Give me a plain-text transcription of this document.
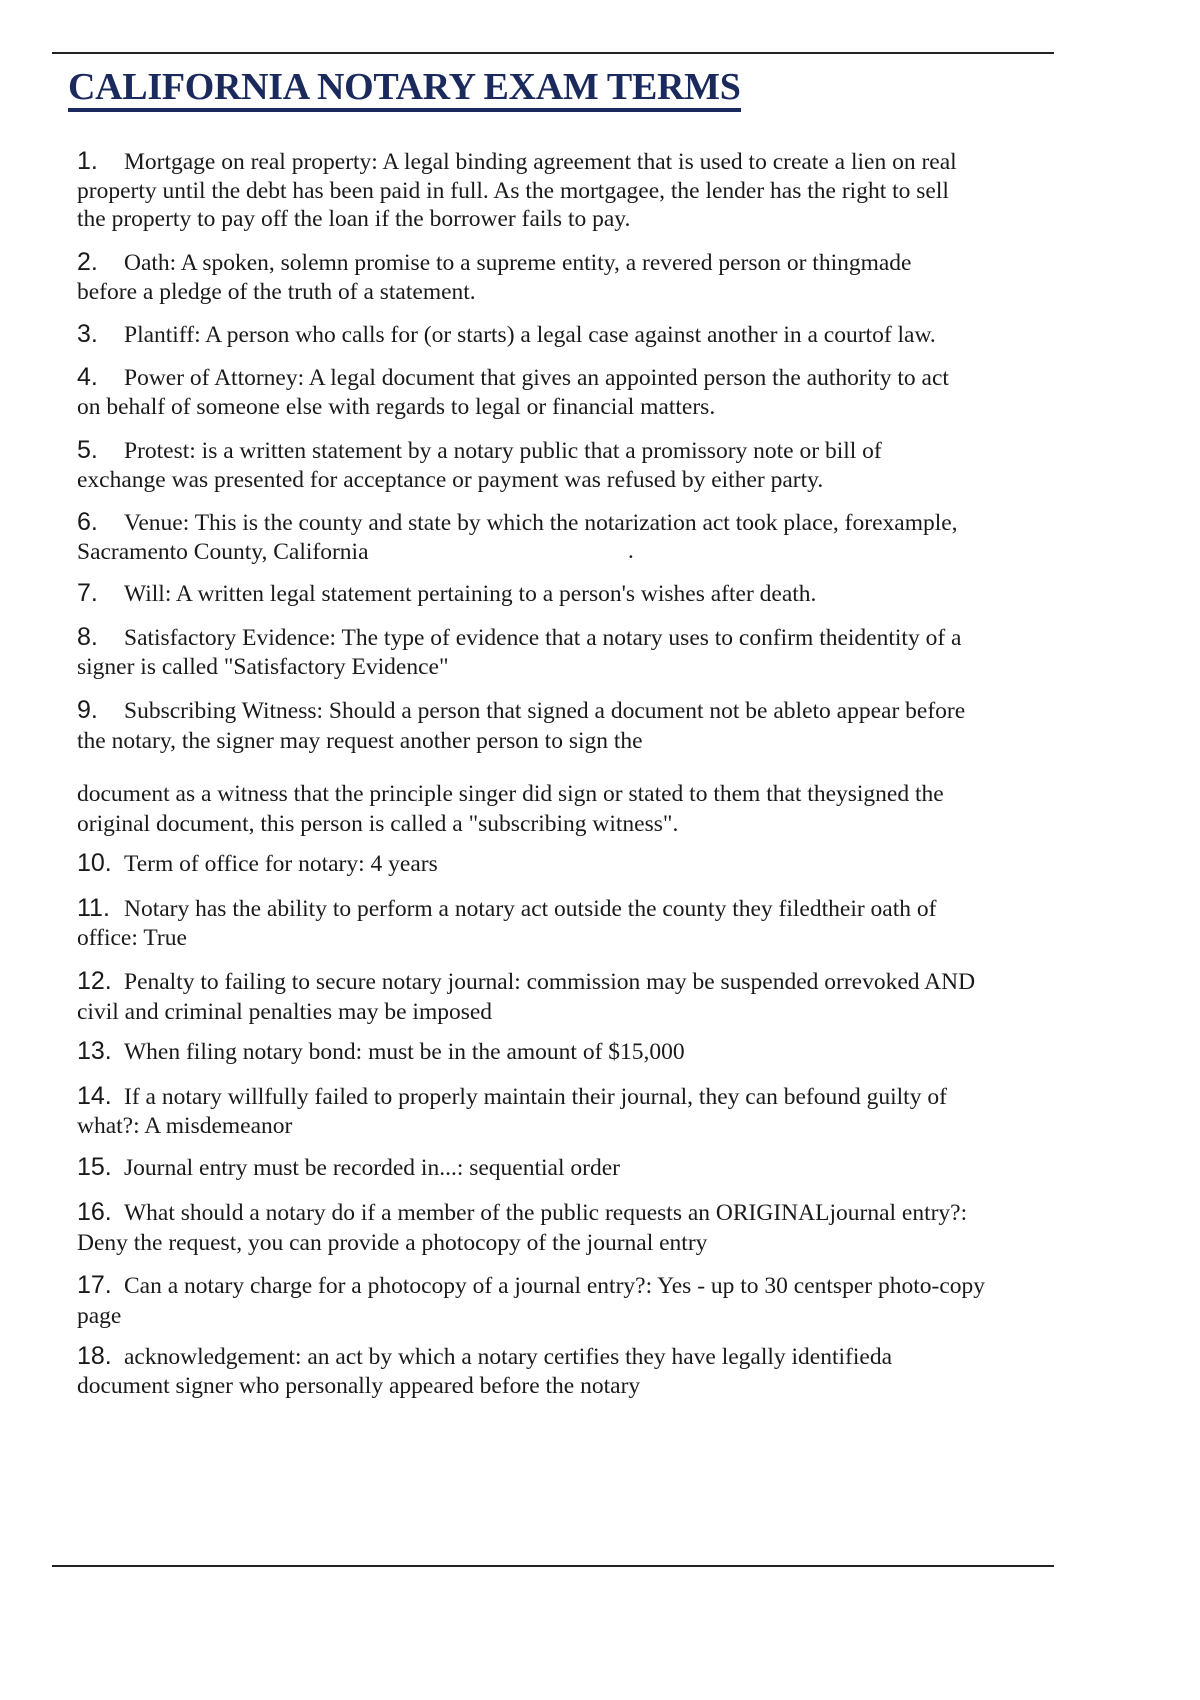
CALIFORNIA NOTARY EXAM TERMS
1. Mortgage on real property: A legal binding agreement that is used to create a lien on real
property until the debt has been paid in full. As the mortgagee, the lender has the right to sell
the property to pay off the loan if the borrower fails to pay.
2. Oath: A spoken, solemn promise to a supreme entity, a revered person or thingmade
before a pledge of the truth of a statement.
3. Plantiff: A person who calls for (or starts) a legal case against another in a courtof law.
4. Power of Attorney: A legal document that gives an appointed person the authority to act
on behalf of someone else with regards to legal or financial matters.
5. Protest: is a written statement by a notary public that a promissory note or bill of
exchange was presented for acceptance or payment was refused by either party.
6. Venue: This is the county and state by which the notarization act took place, forexample,
Sacramento County, California
7. Will: A written legal statement pertaining to a person's wishes after death.
8. Satisfactory Evidence: The type of evidence that a notary uses to confirm theidentity of a
signer is called "Satisfactory Evidence"
9. Subscribing Witness: Should a person that signed a document not be ableto appear before
the notary, the signer may request another person to sign the
document as a witness that the principle singer did sign or stated to them that theysigned the
original document, this person is called a "subscribing witness".
10. Term of office for notary: 4 years
11. Notary has the ability to perform a notary act outside the county they filedtheir oath of
office: True
12. Penalty to failing to secure notary journal: commission may be suspended orrevoked AND
civil and criminal penalties may be imposed
13. When filing notary bond: must be in the amount of $15,000
14. If a notary willfully failed to properly maintain their journal, they can befound guilty of
what?: A misdemeanor
15. Journal entry must be recorded in...: sequential order
16. What should a notary do if a member of the public requests an ORIGINALjournal entry?:
Deny the request, you can provide a photocopy of the journal entry
17. Can a notary charge for a photocopy of a journal entry?: Yes - up to 30 centsper photo-copy
page
18. acknowledgement: an act by which a notary certifies they have legally identifieda
document signer who personally appeared before the notary
.
